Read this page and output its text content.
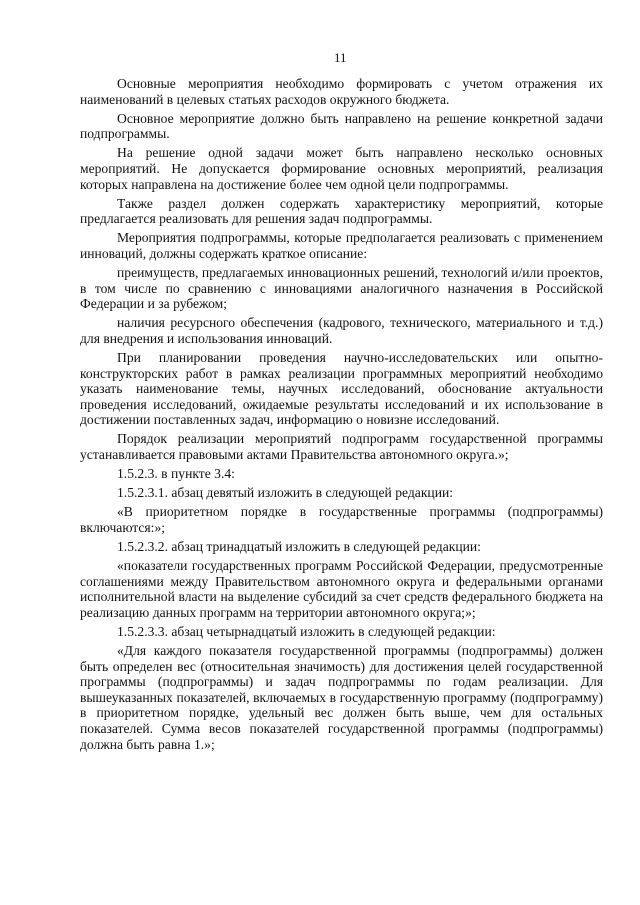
11

Основные мероприятия необходимо формировать с учетом отражения их наименований в целевых статьях расходов окружного бюджета.

Основное мероприятие должно быть направлено на решение конкретной задачи подпрограммы.

На решение одной задачи может быть направлено несколько основных мероприятий. Не допускается формирование основных мероприятий, реализация которых направлена на достижение более чем одной цели подпрограммы.

Также раздел должен содержать характеристику мероприятий, которые предлагается реализовать для решения задач подпрограммы.

Мероприятия подпрограммы, которые предполагается реализовать с применением инноваций, должны содержать краткое описание:

преимуществ, предлагаемых инновационных решений, технологий и/или проектов, в том числе по сравнению с инновациями аналогичного назначения в Российской Федерации и за рубежом;

наличия ресурсного обеспечения (кадрового, технического, материального и т.д.) для внедрения и использования инноваций.

При планировании проведения научно-исследовательских или опытно-конструкторских работ в рамках реализации программных мероприятий необходимо указать наименование темы, научных исследований, обоснование актуальности проведения исследований, ожидаемые результаты исследований и их использование в достижении поставленных задач, информацию о новизне исследований.

Порядок реализации мероприятий подпрограмм государственной программы устанавливается правовыми актами Правительства автономного округа.»;

1.5.2.3. в пункте 3.4:

1.5.2.3.1. абзац девятый изложить в следующей редакции:

«В приоритетном порядке в государственные программы (подпрограммы) включаются:»;

1.5.2.3.2. абзац тринадцатый изложить в следующей редакции:

«показатели государственных программ Российской Федерации, предусмотренные соглашениями между Правительством автономного округа и федеральными органами исполнительной власти на выделение субсидий за счет средств федерального бюджета на реализацию данных программ на территории автономного округа;»;

1.5.2.3.3. абзац четырнадцатый изложить в следующей редакции:

«Для каждого показателя государственной программы (подпрограммы) должен быть определен вес (относительная значимость) для достижения целей государственной программы (подпрограммы) и задач подпрограммы по годам реализации. Для вышеуказанных показателей, включаемых в государственную программу (подпрограмму) в приоритетном порядке, удельный вес должен быть выше, чем для остальных показателей. Сумма весов показателей государственной программы (подпрограммы) должна быть равна 1.»;
